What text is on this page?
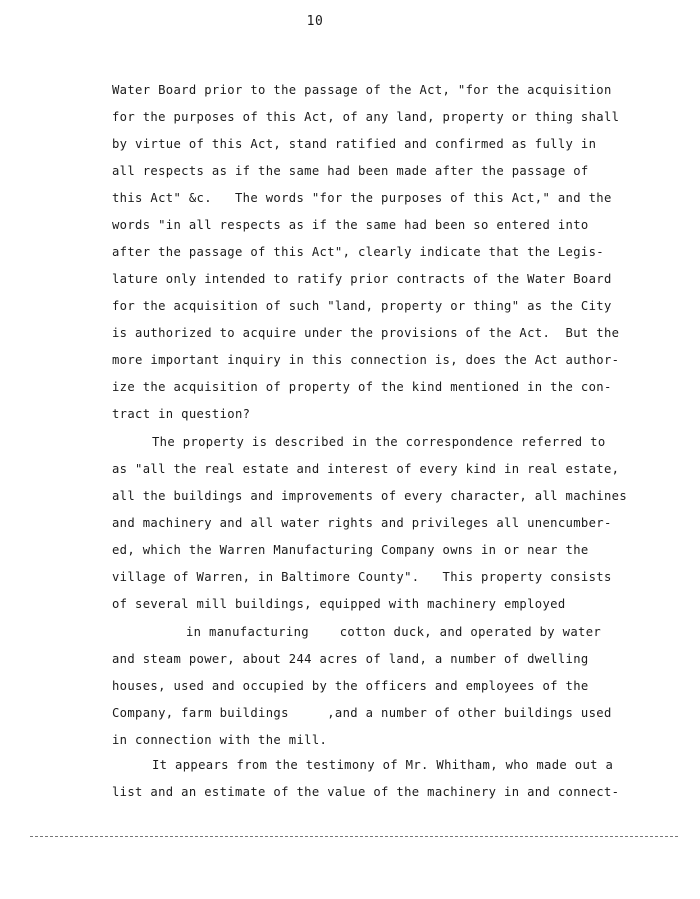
10
Water Board prior to the passage of the Act, "for the acquisition
for the purposes of this Act, of any land, property or thing shall
by virtue of this Act, stand ratified and confirmed as fully in
all respects as if the same had been made after the passage of
this Act" &c.   The words "for the purposes of this Act," and the
words "in all respects as if the same had been so entered into
after the passage of this Act", clearly indicate that the Legis-
lature only intended to ratify prior contracts of the Water Board
for the acquisition of such "land, property or thing" as the City
is authorized to acquire under the provisions of the Act.  But the
more important inquiry in this connection is, does the Act author-
ize the acquisition of property of the kind mentioned in the con-
tract in question?
The property is described in the correspondence referred to
as "all the real estate and interest of every kind in real estate,
all the buildings and improvements of every character, all machines
and machinery and all water rights and privileges all unencumber-
ed, which the Warren Manufacturing Company owns in or near the
village of Warren, in Baltimore County".   This property consists
of several mill buildings, equipped with machinery employed
in manufacturing    cotton duck, and operated by water
and steam power, about 244 acres of land, a number of dwelling
houses, used and occupied by the officers and employees of the
Company, farm buildings     ,and a number of other buildings used
in connection with the mill.
It appears from the testimony of Mr. Whitham, who made out a
list and an estimate of the value of the machinery in and connect-
